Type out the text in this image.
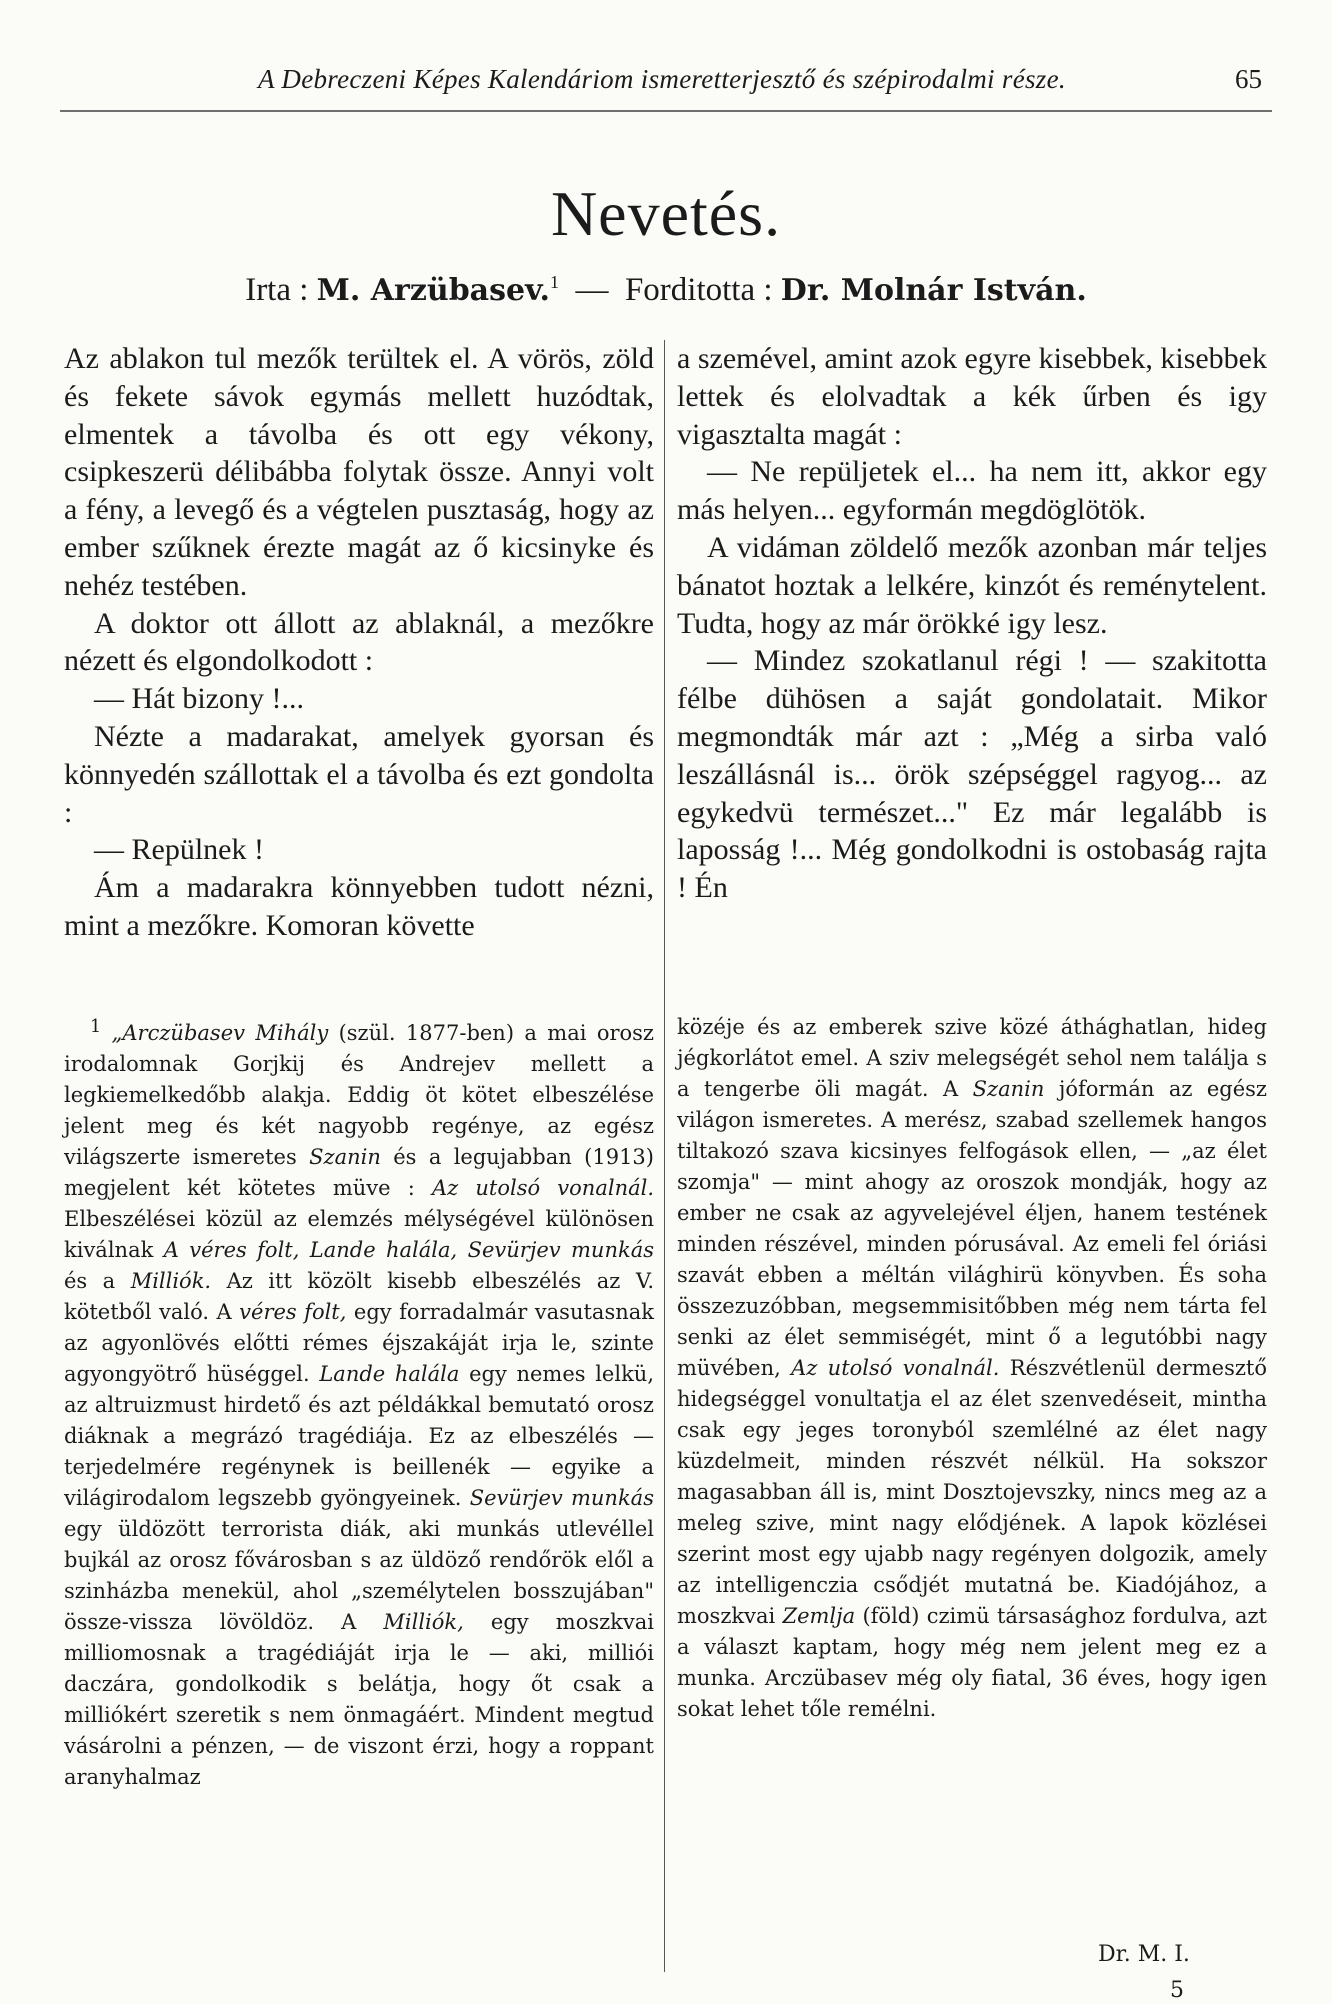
A Debreczeni Képes Kalendáriom ismeretterjesztő és szépirodalmi része.	65
Nevetés.
Irta : M. Arzübasev.$^1$ — Forditotta : Dr. Molnár István.

Az ablakon tul mezők terültek el. A vörös, zöld és fekete sávok egymás mellett huzódtak, elmentek a távolba és ott egy vékony, csipkeszerü délibábba folytak össze. Annyi volt a fény, a levegő és a végtelen pusztaság, hogy az ember szűknek érezte magát az ő kicsinyke és nehéz testében.

A doktor ott állott az ablaknál, a mezőkre nézett és elgondolkodott :

— Hát bizony !...

Nézte a madarakat, amelyek gyorsan és könnyedén szállottak el a távolba és ezt gondolta :

— Repülnek !

Ám a madarakra könnyebben tudott nézni, mint a mezőkre. Komoran követte

a szemével, amint azok egyre kisebbek, kisebbek lettek és elolvadtak a kék űrben és igy vigasztalta magát :

— Ne repüljetek el... ha nem itt, akkor egy más helyen... egyformán megdöglötök.

A vidáman zöldelő mezők azonban már teljes bánatot hoztak a lelkére, kinzót és reménytelent. Tudta, hogy az már örökké igy lesz.

— Mindez szokatlanul régi ! — szakitotta félbe dühösen a saját gondolatait. Mikor megmondták már azt : „Még a sirba való leszállásnál is... örök szépséggel ragyog... az egykedvü természet..." Ez már legalább is laposság !... Még gondolkodni is ostobaság rajta ! Én

$^1$ „Arczübasev Mihály (szül. 1877-ben) a mai orosz irodalomnak Gorjkij és Andrejev mellett a legkiemelkedőbb alakja. Eddig öt kötet elbeszélése jelent meg és két nagyobb regénye, az egész világszerte ismeretes Szanin és a legujabban (1913) megjelent két kötetes müve : Az utolsó vonalnál. Elbeszélései közül az elemzés mélységével különösen kiválnak A véres folt, Lande halála, Sevürjev munkás és a Milliók. Az itt közölt kisebb elbeszélés az V. kötetből való. A véres folt, egy forradalmár vasutasnak az agyonlövés előtti rémes éjszakáját irja le, szinte agyongyötrő hüséggel. Lande halála egy nemes lelkü, az altruizmust hirdető és azt példákkal bemutató orosz diáknak a megrázó tragédiája. Ez az elbeszélés — terjedelmére regénynek is beillenék — egyike a világirodalom legszebb gyöngyeinek. Sevürjev munkás egy üldözött terrorista diák, aki munkás utlevéllel bujkál az orosz fővárosban s az üldöző rendőrök elől a szinházba menekül, ahol „személytelen bosszujában" össze-vissza lövöldöz. A Milliók, egy moszkvai milliomosnak a tragédiáját irja le — aki, milliói daczára, gondolkodik s belátja, hogy őt csak a milliókért szeretik s nem önmagáért. Mindent megtud vásárolni a pénzen, — de viszont érzi, hogy a roppant aranyhalmaz

közéje és az emberek szive közé áthághatlan, hideg jégkorlátot emel. A sziv melegségét sehol nem találja s a tengerbe öli magát. A Szanin jóformán az egész világon ismeretes. A merész, szabad szellemek hangos tiltakozó szava kicsinyes felfogások ellen, — „az élet szomja" — mint ahogy az oroszok mondják, hogy az ember ne csak az agyvelejével éljen, hanem testének minden részével, minden pórusával. Az emeli fel óriási szavát ebben a méltán világhirü könyvben. És soha összezuzóbban, megsemmisitőbben még nem tárta fel senki az élet semmiségét, mint ő a legutóbbi nagy müvében, Az utolsó vonalnál. Részvétlenül dermesztő hidegséggel vonultatja el az élet szenvedéseit, mintha csak egy jeges toronyból szemlélné az élet nagy küzdelmeit, minden részvét nélkül. Ha sokszor magasabban áll is, mint Dosztojevszky, nincs meg az a meleg szive, mint nagy elődjének. A lapok közlései szerint most egy ujabb nagy regényen dolgozik, amely az intelligenczia csődjét mutatná be. Kiadójához, a moszkvai Zemlja (föld) czimü társasághoz fordulva, azt a választ kaptam, hogy még nem jelent meg ez a munka. Arczübasev még oly fiatal, 36 éves, hogy igen sokat lehet tőle remélni.

Dr. M. I.
5
